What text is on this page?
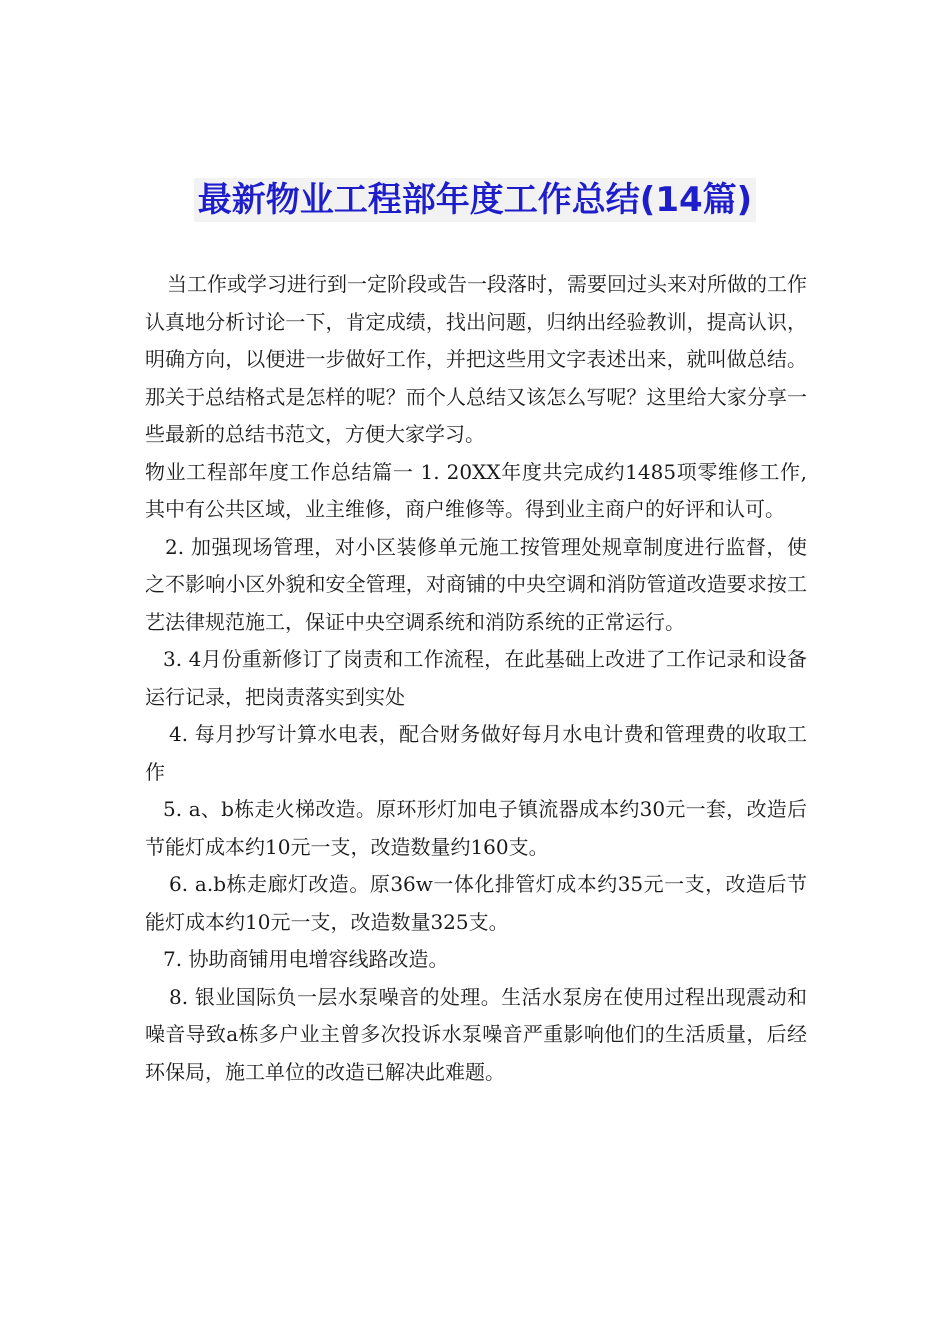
最新物业工程部年度工作总结(14篇)

当工作或学习进行到一定阶段或告一段落时，需要回过头来对所做的工作认真地分析讨论一下，肯定成绩，找出问题，归纳出经验教训，提高认识，明确方向，以便进一步做好工作，并把这些用文字表述出来，就叫做总结。那关于总结格式是怎样的呢？而个人总结又该怎么写呢？这里给大家分享一些最新的总结书范文，方便大家学习。

物业工程部年度工作总结篇一 1. 20XX年度共完成约1485项零维修工作,其中有公共区域，业主维修，商户维修等。得到业主商户的好评和认可。

2. 加强现场管理，对小区装修单元施工按管理处规章制度进行监督，使之不影响小区外貌和安全管理，对商铺的中央空调和消防管道改造要求按工艺法律规范施工，保证中央空调系统和消防系统的正常运行。

3. 4月份重新修订了岗责和工作流程，在此基础上改进了工作记录和设备运行记录，把岗责落实到实处

4. 每月抄写计算水电表，配合财务做好每月水电计费和管理费的收取工作

5. a、b栋走火梯改造。原环形灯加电子镇流器成本约30元一套，改造后节能灯成本约10元一支，改造数量约160支。

6. a.b栋走廊灯改造。原36w一体化排管灯成本约35元一支，改造后节能灯成本约10元一支，改造数量325支。

7. 协助商铺用电增容线路改造。

8. 银业国际负一层水泵噪音的处理。生活水泵房在使用过程出现震动和噪音导致a栋多户业主曾多次投诉水泵噪音严重影响他们的生活质量，后经环保局，施工单位的改造已解决此难题。
